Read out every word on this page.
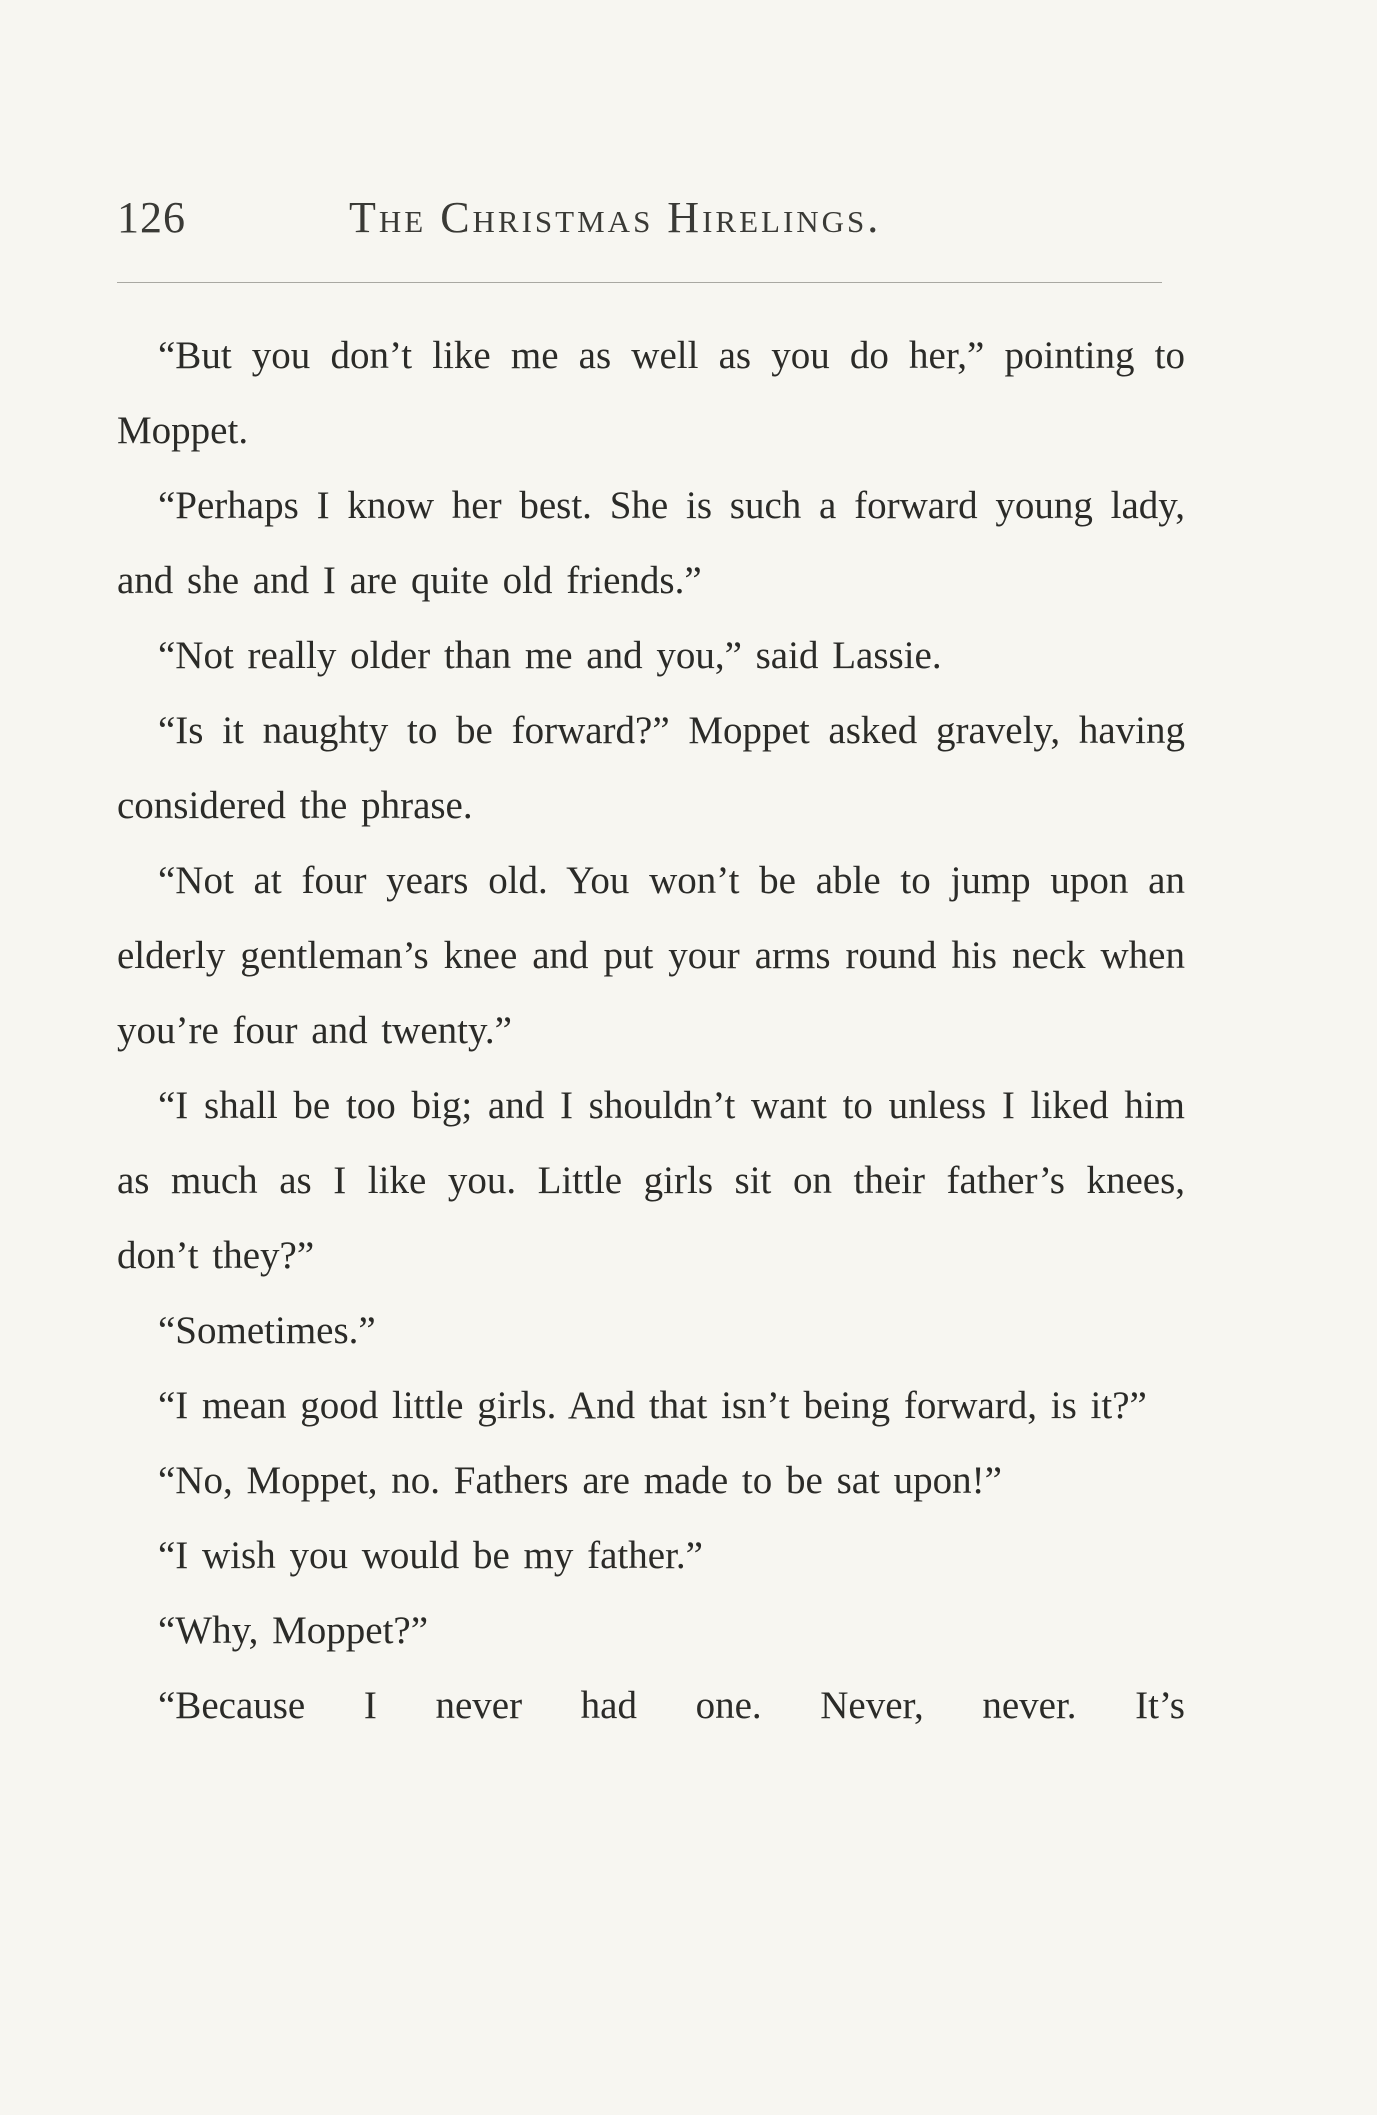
126	The Christmas Hirelings.

“But you don’t like me as well as you do her,” pointing to Moppet.

“Perhaps I know her best. She is such a forward young lady, and she and I are quite old friends.”

“Not really older than me and you,” said Lassie.

“Is it naughty to be forward?” Moppet asked gravely, having considered the phrase.

“Not at four years old. You won’t be able to jump upon an elderly gentleman’s knee and put your arms round his neck when you’re four and twenty.”

“I shall be too big; and I shouldn’t want to unless I liked him as much as I like you. Little girls sit on their father’s knees, don’t they?”

“Sometimes.”

“I mean good little girls. And that isn’t being forward, is it?”

“No, Moppet, no. Fathers are made to be sat upon!”

“I wish you would be my father.”

“Why, Moppet?”

“Because I never had one. Never, never. It’s
